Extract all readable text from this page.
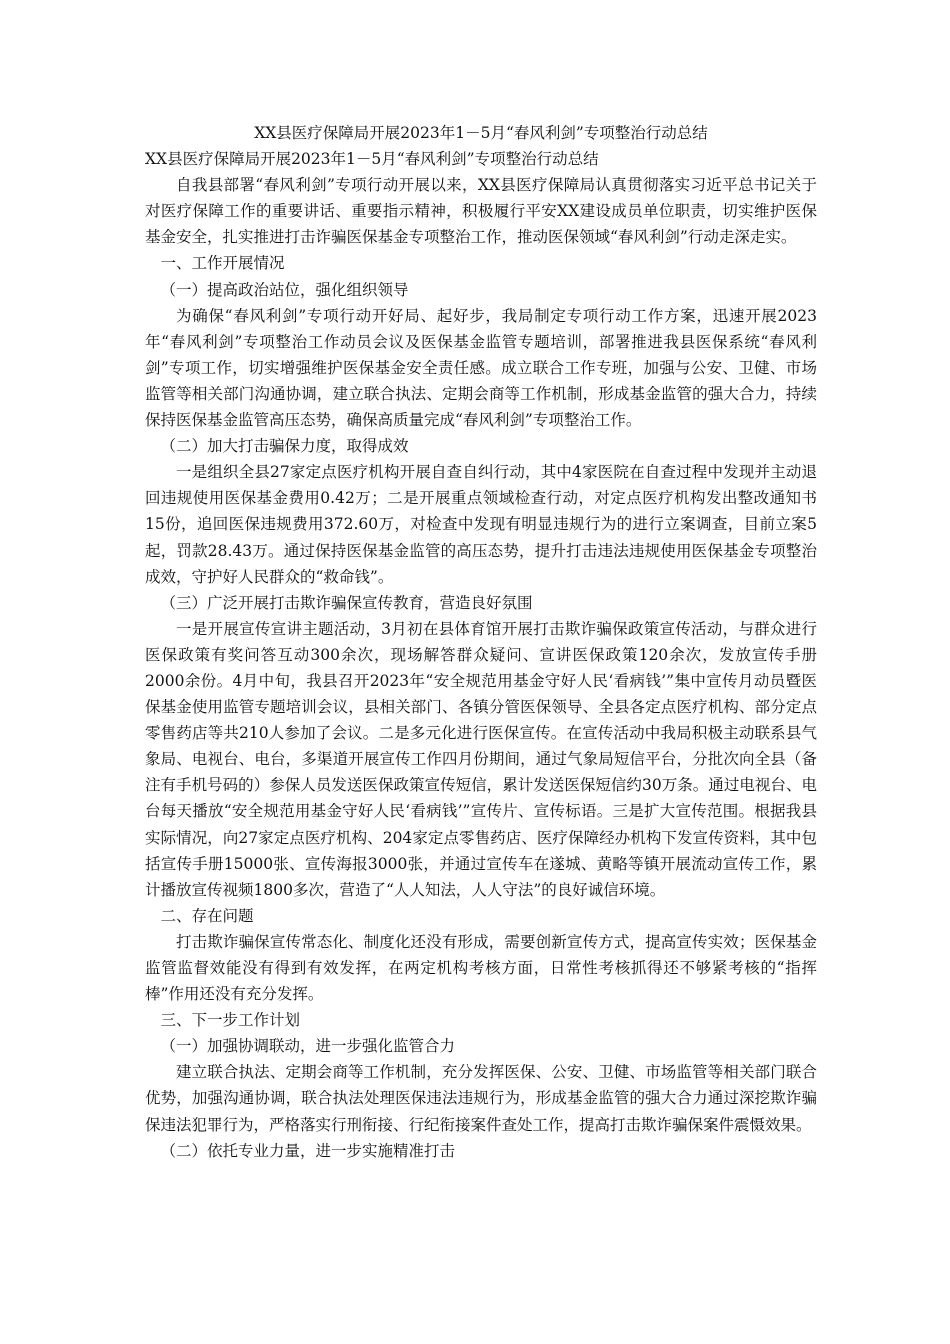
XX县医疗保障局开展2023年1－5月“春风利剑”专项整治行动总结

XX县医疗保障局开展2023年1－5月“春风利剑”专项整治行动总结

自我县部署“春风利剑”专项行动开展以来，XX县医疗保障局认真贯彻落实习近平总书记关于对医疗保障工作的重要讲话、重要指示精神，积极履行平安XX建设成员单位职责，切实维护医保基金安全，扎实推进打击诈骗医保基金专项整治工作，推动医保领域“春风利剑”行动走深走实。

一、工作开展情况

（一）提高政治站位，强化组织领导

为确保“春风利剑”专项行动开好局、起好步，我局制定专项行动工作方案，迅速开展2023年“春风利剑”专项整治工作动员会议及医保基金监管专题培训，部署推进我县医保系统“春风利剑”专项工作，切实增强维护医保基金安全责任感。成立联合工作专班，加强与公安、卫健、市场监管等相关部门沟通协调，建立联合执法、定期会商等工作机制，形成基金监管的强大合力，持续保持医保基金监管高压态势，确保高质量完成“春风利剑”专项整治工作。

（二）加大打击骗保力度，取得成效

一是组织全县27家定点医疗机构开展自查自纠行动，其中4家医院在自查过程中发现并主动退回违规使用医保基金费用0.42万；二是开展重点领域检查行动，对定点医疗机构发出整改通知书15份，追回医保违规费用372.60万，对检查中发现有明显违规行为的进行立案调查，目前立案5起，罚款28.43万。通过保持医保基金监管的高压态势，提升打击违法违规使用医保基金专项整治成效，守护好人民群众的“救命钱”。

（三）广泛开展打击欺诈骗保宣传教育，营造良好氛围

一是开展宣传宣讲主题活动，3月初在县体育馆开展打击欺诈骗保政策宣传活动，与群众进行医保政策有奖问答互动300余次，现场解答群众疑问、宣讲医保政策120余次，发放宣传手册2000余份。4月中旬，我县召开2023年“安全规范用基金守好人民‘看病钱’”集中宣传月动员暨医保基金使用监管专题培训会议，县相关部门、各镇分管医保领导、全县各定点医疗机构、部分定点零售药店等共210人参加了会议。二是多元化进行医保宣传。在宣传活动中我局积极主动联系县气象局、电视台、电台，多渠道开展宣传工作四月份期间，通过气象局短信平台，分批次向全县（备注有手机号码的）参保人员发送医保政策宣传短信，累计发送医保短信约30万条。通过电视台、电台每天播放“安全规范用基金守好人民‘看病钱’”宣传片、宣传标语。三是扩大宣传范围。根据我县实际情况，向27家定点医疗机构、204家定点零售药店、医疗保障经办机构下发宣传资料，其中包括宣传手册15000张、宣传海报3000张，并通过宣传车在遂城、黄略等镇开展流动宣传工作，累计播放宣传视频1800多次，营造了“人人知法，人人守法”的良好诚信环境。

二、存在问题

打击欺诈骗保宣传常态化、制度化还没有形成，需要创新宣传方式，提高宣传实效；医保基金监管监督效能没有得到有效发挥，在两定机构考核方面，日常性考核抓得还不够紧考核的“指挥棒”作用还没有充分发挥。

三、下一步工作计划

（一）加强协调联动，进一步强化监管合力

建立联合执法、定期会商等工作机制，充分发挥医保、公安、卫健、市场监管等相关部门联合优势，加强沟通协调，联合执法处理医保违法违规行为，形成基金监管的强大合力通过深挖欺诈骗保违法犯罪行为，严格落实行刑衔接、行纪衔接案件查处工作，提高打击欺诈骗保案件震慑效果。

（二）依托专业力量，进一步实施精准打击
